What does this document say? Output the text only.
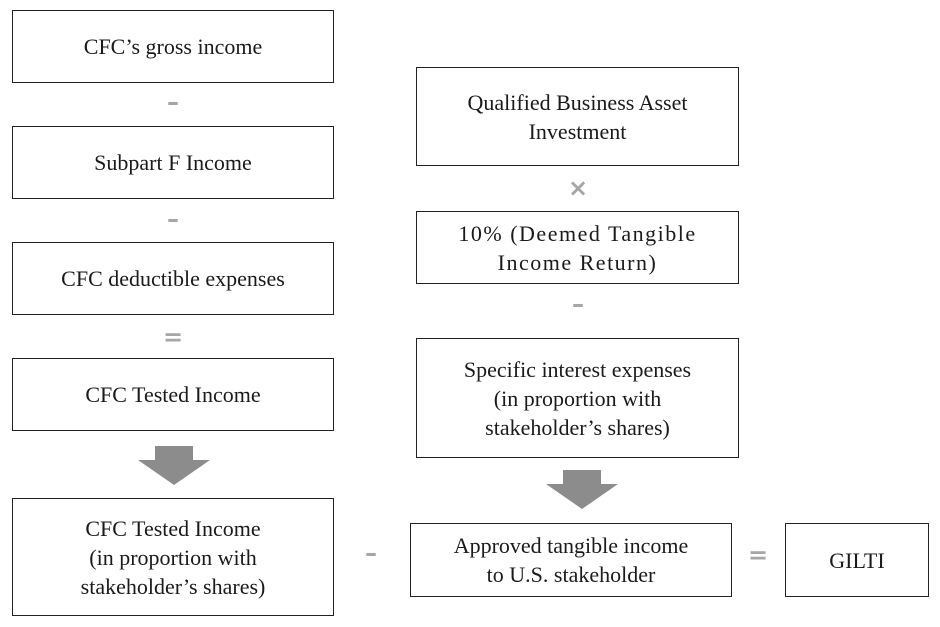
CFC’s gross income
–
Subpart F Income
–
CFC deductible expenses
=
CFC Tested Income
CFC Tested Income
(in proportion with
stakeholder’s shares)
Qualified Business Asset
Investment
×
10% (Deemed Tangible
Income Return)
–
Specific interest expenses
(in proportion with
stakeholder’s shares)
–	Approved tangible income
to U.S. stakeholder
=	GILTI
